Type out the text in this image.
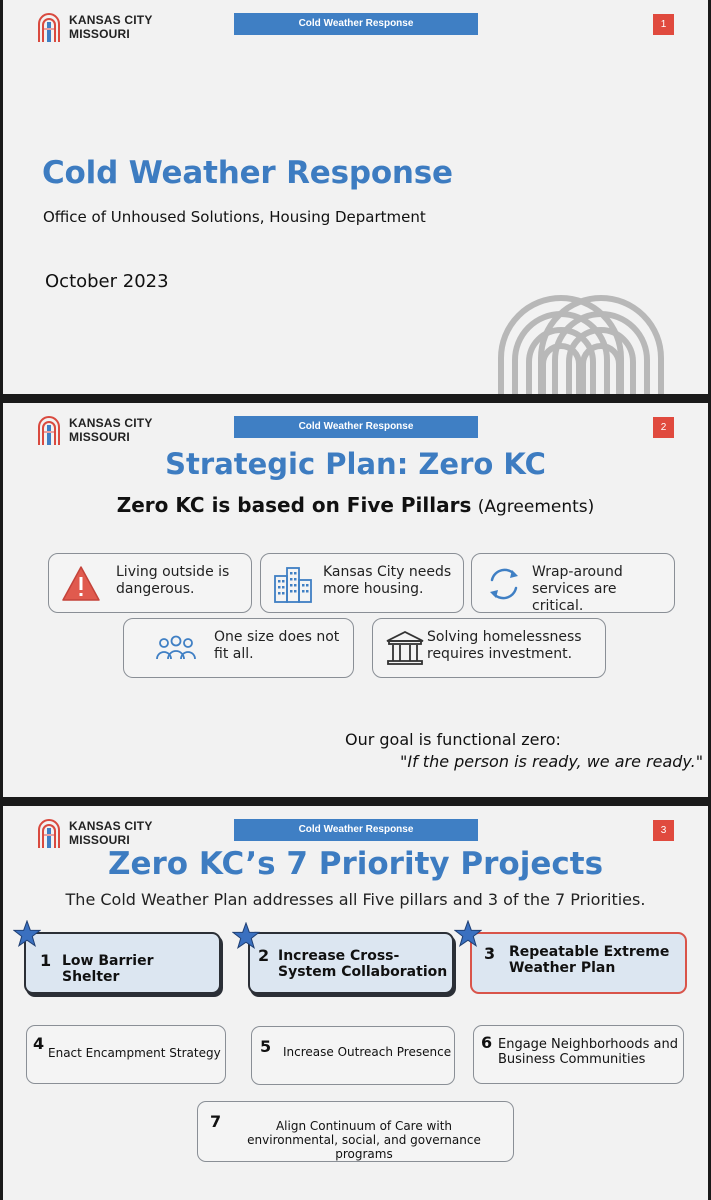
KANSAS CITY
MISSOURI
Cold Weather Response	1
Cold Weather Response
Office of Unhoused Solutions, Housing Department
October 2023
KANSAS CITY
MISSOURI
Cold Weather Response	2
Strategic Plan: Zero KC
Zero KC is based on Five Pillars (Agreements)
Living outside is dangerous.
Kansas City needs more housing.
Wrap-around services are critical.
One size does not fit all.
Solving homelessness requires investment.
Our goal is functional zero:
"If the person is ready, we are ready."
KANSAS CITY
MISSOURI
Cold Weather Response	3
Zero KC’s 7 Priority Projects
The Cold Weather Plan addresses all Five pillars and 3 of the 7 Priorities.
1 Low Barrier Shelter
2 Increase Cross-System Collaboration
3 Repeatable Extreme Weather Plan
4 Enact Encampment Strategy 5 Increase Outreach Presence 6 Engage Neighborhoods and Business Communities
7	Align Continuum of Care with environmental, social, and governance programs
